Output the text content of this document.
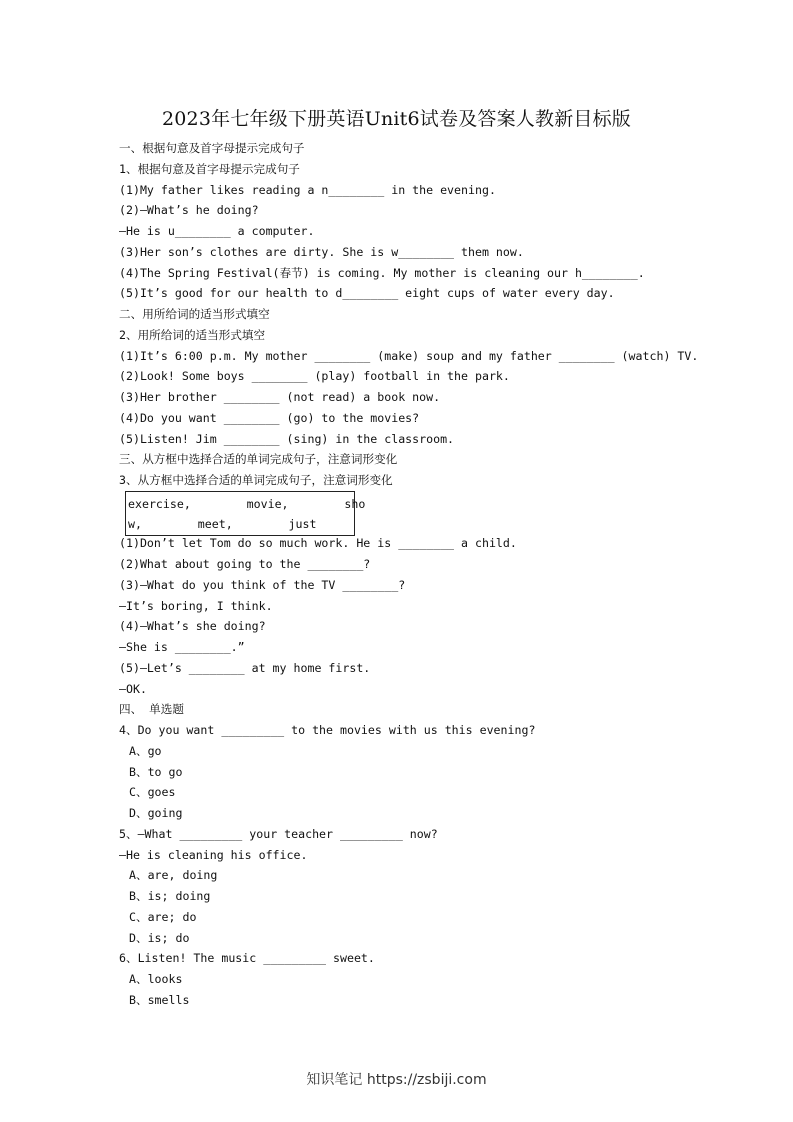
2023年七年级下册英语Unit6试卷及答案人教新目标版
一、根据句意及首字母提示完成句子
1、根据句意及首字母提示完成句子
(1)My father likes reading a n________ in the evening.
(2)—What’s he doing?
—He is u________ a computer.
(3)Her son’s clothes are dirty. She is w________ them now.
(4)The Spring Festival(春节) is coming. My mother is cleaning our h________.
(5)It’s good for our health to d________ eight cups of water every day.
二、用所给词的适当形式填空
2、用所给词的适当形式填空
(1)It’s 6:00 p.m. My mother ________ (make) soup and my father ________ (watch) TV.
(2)Look! Some boys ________ (play) football in the park.
(3)Her brother ________ (not read) a book now.
(4)Do you want ________ (go) to the movies?
(5)Listen! Jim ________ (sing) in the classroom.
三、从方框中选择合适的单词完成句子，注意词形变化
3、从方框中选择合适的单词完成句子，注意词形变化
(1)Don’t let Tom do so much work. He is ________ a child.
(2)What about going to the ________?
(3)—What do you think of the TV ________?
—It’s boring, I think.
(4)—What’s she doing?
—She is ________.”
(5)—Let’s ________ at my home first.
—OK.
四、 单选题
4、Do you want _________ to the movies with us this evening?
A、go
B、to go
C、goes
D、going
5、—What _________ your teacher _________ now?
—He is cleaning his office.
A、are, doing
B、is; doing
C、are; do
D、is; do
6、Listen! The music _________ sweet.
A、looks
B、smells
exercise,        movie,        sho
w,        meet,        just
知识笔记 https://zsbiji.com
